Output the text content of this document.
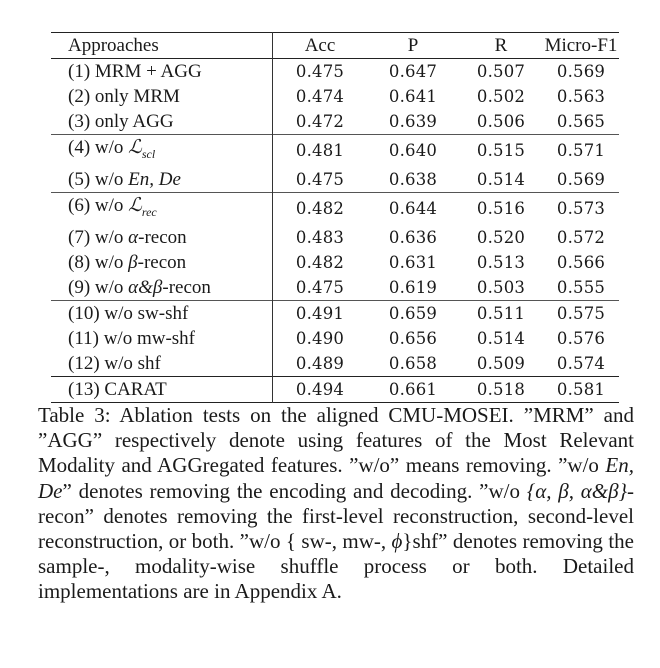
Approaches	Acc	P	R	Micro-F1
(1) MRM + AGG	0.475	0.647	0.507	0.569
(2) only MRM	0.474	0.641	0.502	0.563
(3) only AGG	0.472	0.639	0.506	0.565
(4) w/o ℒ$_{scl}$	0.481	0.640	0.515	0.571
(5) w/o En, De	0.475	0.638	0.514	0.569
(6) w/o ℒ$_{rec}$	0.482	0.644	0.516	0.573
(7) w/o α-recon	0.483	0.636	0.520	0.572
(8) w/o β-recon	0.482	0.631	0.513	0.566
(9) w/o α&β-recon	0.475	0.619	0.503	0.555
(10) w/o sw-shf	0.491	0.659	0.511	0.575
(11) w/o mw-shf	0.490	0.656	0.514	0.576
(12) w/o shf	0.489	0.658	0.509	0.574
(13) CARAT	0.494	0.661	0.518	0.581

Table 3: Ablation tests on the aligned CMU-MOSEI. ”MRM” and ”AGG” respectively denote using features of the Most Relevant Modality and AGGregated features. ”w/o” means removing. ”w/o En, De” denotes removing the encoding and decoding. ”w/o {α, β, α&β}-recon” denotes removing the first-level reconstruction, second-level reconstruction, or both. ”w/o { sw-, mw-, ϕ}shf” denotes removing the sample-, modality-wise shuffle process or both. Detailed implementations are in Appendix A.
